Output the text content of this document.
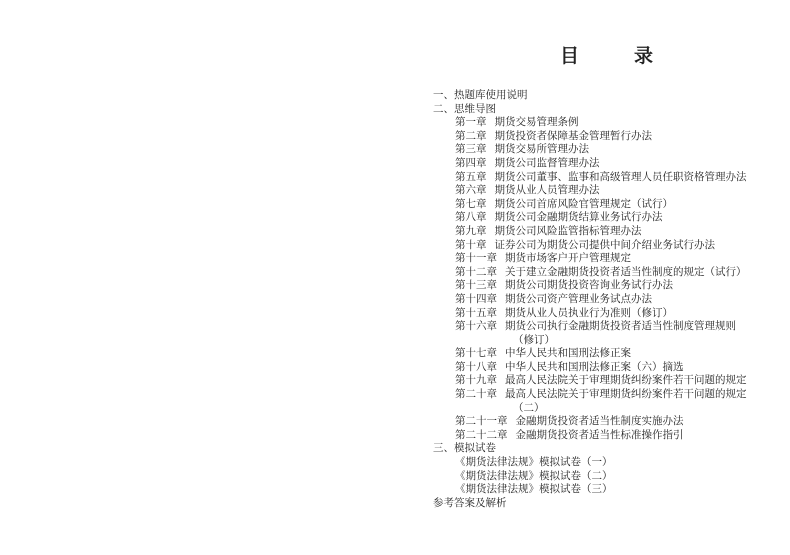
目　录
一、热题库使用说明
二、思维导图
第一章 期货交易管理条例
第二章 期货投资者保障基金管理暂行办法
第三章 期货交易所管理办法
第四章 期货公司监督管理办法
第五章 期货公司董事、监事和高级管理人员任职资格管理办法
第六章 期货从业人员管理办法
第七章 期货公司首席风险官管理规定（试行）
第八章 期货公司金融期货结算业务试行办法
第九章 期货公司风险监管指标管理办法
第十章 证券公司为期货公司提供中间介绍业务试行办法
第十一章 期货市场客户开户管理规定
第十二章 关于建立金融期货投资者适当性制度的规定（试行）
第十三章 期货公司期货投资咨询业务试行办法
第十四章 期货公司资产管理业务试点办法
第十五章 期货从业人员执业行为准则（修订）
第十六章 期货公司执行金融期货投资者适当性制度管理规则
（修订）
第十七章 中华人民共和国刑法修正案
第十八章 中华人民共和国刑法修正案（六）摘选
第十九章 最高人民法院关于审理期货纠纷案件若干问题的规定
第二十章 最高人民法院关于审理期货纠纷案件若干问题的规定
（二）
第二十一章 金融期货投资者适当性制度实施办法
第二十二章 金融期货投资者适当性标准操作指引
三、模拟试卷
《期货法律法规》模拟试卷（一）
《期货法律法规》模拟试卷（二）
《期货法律法规》模拟试卷（三）
参考答案及解析
